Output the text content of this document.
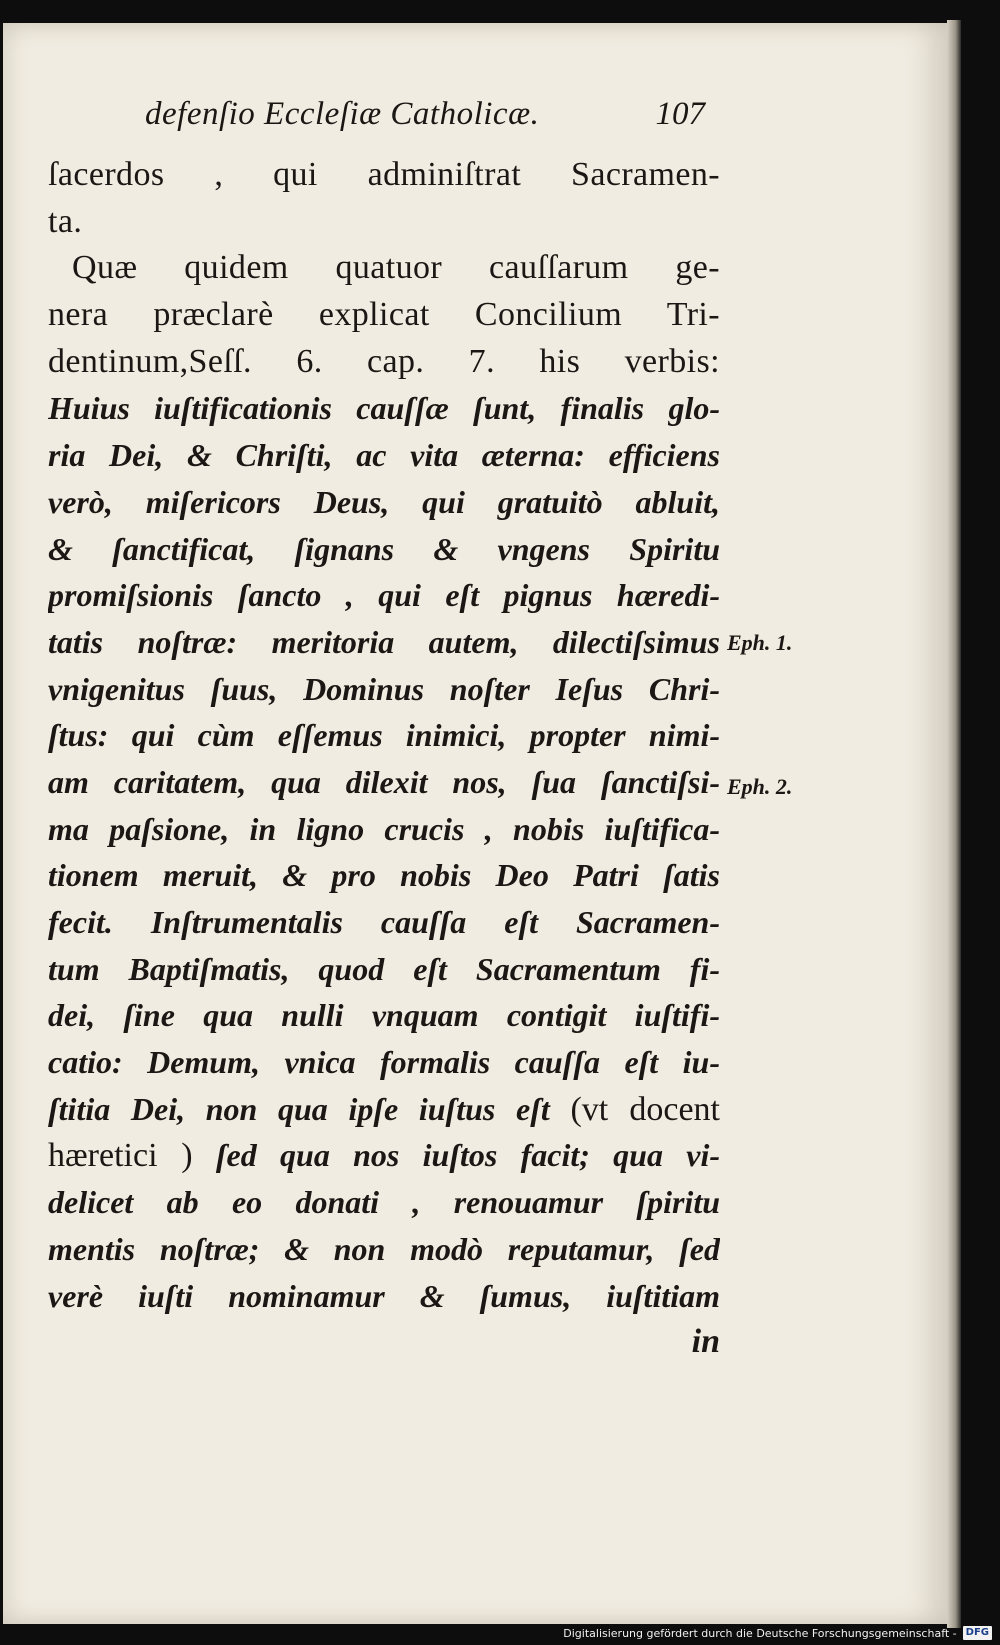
defenſio Eccleſiæ Catholicæ.	107
ſacerdos , qui adminiſtrat Sacramen-
ta.
Quæ quidem quatuor cauſſarum ge-
nera præclarè explicat Concilium Tri-
dentinum,Seſſ. 6. cap. 7. his verbis:
Huius iuſtificationis cauſſæ ſunt, finalis glo-
ria Dei, & Chriſti, ac vita æterna: efficiens
verò, miſericors Deus, qui gratuitò abluit,
& ſanctificat, ſignans & vngens Spiritu
promiſsionis ſancto , qui eſt pignus hæredi-
tatis noſtræ: meritoria autem, dilectiſsimus
vnigenitus ſuus, Dominus noſter Ieſus Chri-
ſtus: qui cùm eſſemus inimici, propter nimi-
am caritatem, qua dilexit nos, ſua ſanctiſsi-
ma paſsione, in ligno crucis , nobis iuſtifica-
tionem meruit, & pro nobis Deo Patri ſatis
fecit. Inſtrumentalis cauſſa eſt Sacramen-
tum Baptiſmatis, quod eſt Sacramentum fi-
dei, ſine qua nulli vnquam contigit iuſtifi-
catio: Demum, vnica formalis cauſſa eſt iu-
ſtitia Dei, non qua ipſe iuſtus eſt (vt docent
hæretici ) ſed qua nos iuſtos facit; qua vi-
delicet ab eo donati , renouamur ſpiritu
mentis noſtræ; & non modò reputamur, ſed
verè iuſti nominamur & ſumus, iuſtitiam
in
Eph. 1.
Eph. 2.
Digitalisierung gefördert durch die Deutsche Forschungsgemeinschaft - DFG
